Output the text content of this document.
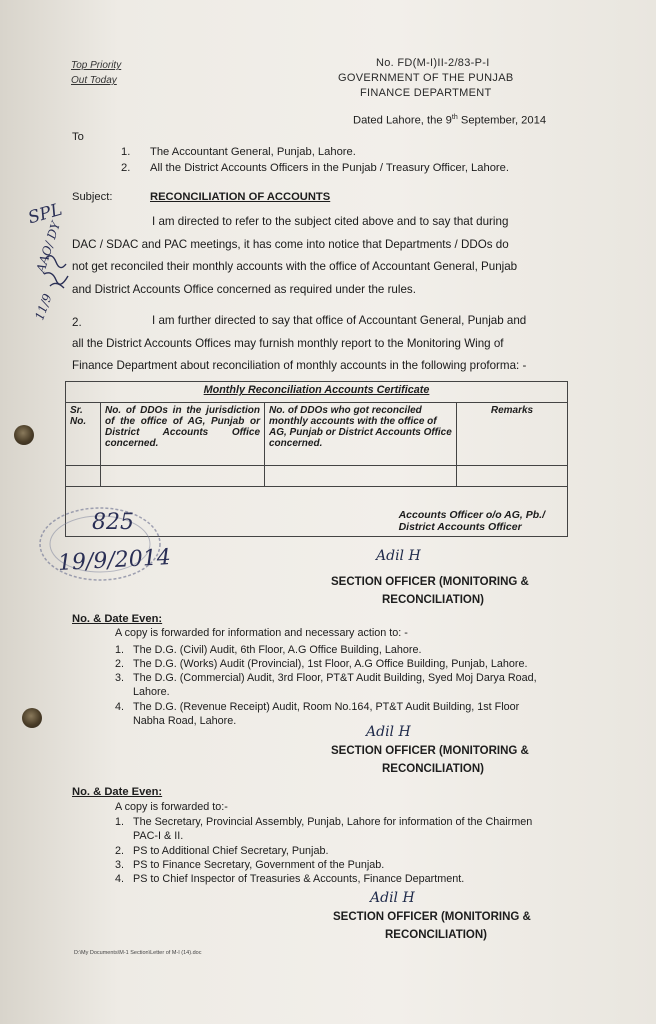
Top Priority
Out Today
No. FD(M-I)II-2/83-P-I
GOVERNMENT OF THE PUNJAB
FINANCE DEPARTMENT
Dated Lahore, the 9th September, 2014
To
1. The Accountant General, Punjab, Lahore.
2. All the District Accounts Officers in the Punjab / Treasury Officer, Lahore.
Subject:	RECONCILIATION OF ACCOUNTS
I am directed to refer to the subject cited above and to say that during
DAC / SDAC and PAC meetings, it has come into notice that Departments / DDOs do
not get reconciled their monthly accounts with the office of Accountant General, Punjab
and District Accounts Office concerned as required under the rules.
2.	I am further directed to say that office of Accountant General, Punjab and
all the District Accounts Offices may furnish monthly report to the Monitoring Wing of
Finance Department about reconciliation of monthly accounts in the following proforma: -
Monthly Reconciliation Accounts Certificate			
Sr. No.	No. of DDOs in the jurisdiction of the office of AG, Punjab or District Accounts Office concerned.	No. of DDOs who got reconciled monthly accounts with the office of AG, Punjab or District Accounts Office concerned.	Remarks

Accounts Officer o/o AG, Pb./
District Accounts Officer			
SPL
AAO/ DY
11/9
825
19/9/2014	Adil H
SECTION OFFICER (MONITORING &
RECONCILIATION)
No. & Date Even:
A copy is forwarded for information and necessary action to: -
1. The D.G. (Civil) Audit, 6th Floor, A.G Office Building, Lahore.
2. The D.G. (Works) Audit (Provincial), 1st Floor, A.G Office Building, Punjab, Lahore.
3. The D.G. (Commercial) Audit, 3rd Floor, PT&T Audit Building, Syed Moj Darya Road,
Lahore.
4. The D.G. (Revenue Receipt) Audit, Room No.164, PT&T Audit Building, 1st Floor
Nabha Road, Lahore.
Adil H
SECTION OFFICER (MONITORING &
RECONCILIATION)
No. & Date Even:
A copy is forwarded to:-
1. The Secretary, Provincial Assembly, Punjab, Lahore for information of the Chairmen
PAC-I & II.
2. PS to Additional Chief Secretary, Punjab.
3. PS to Finance Secretary, Government of the Punjab.
4. PS to Chief Inspector of Treasuries & Accounts, Finance Department.
Adil H
SECTION OFFICER (MONITORING &
RECONCILIATION)
D:\My Documents\M-1 Section\Letter of M-I (14).doc
